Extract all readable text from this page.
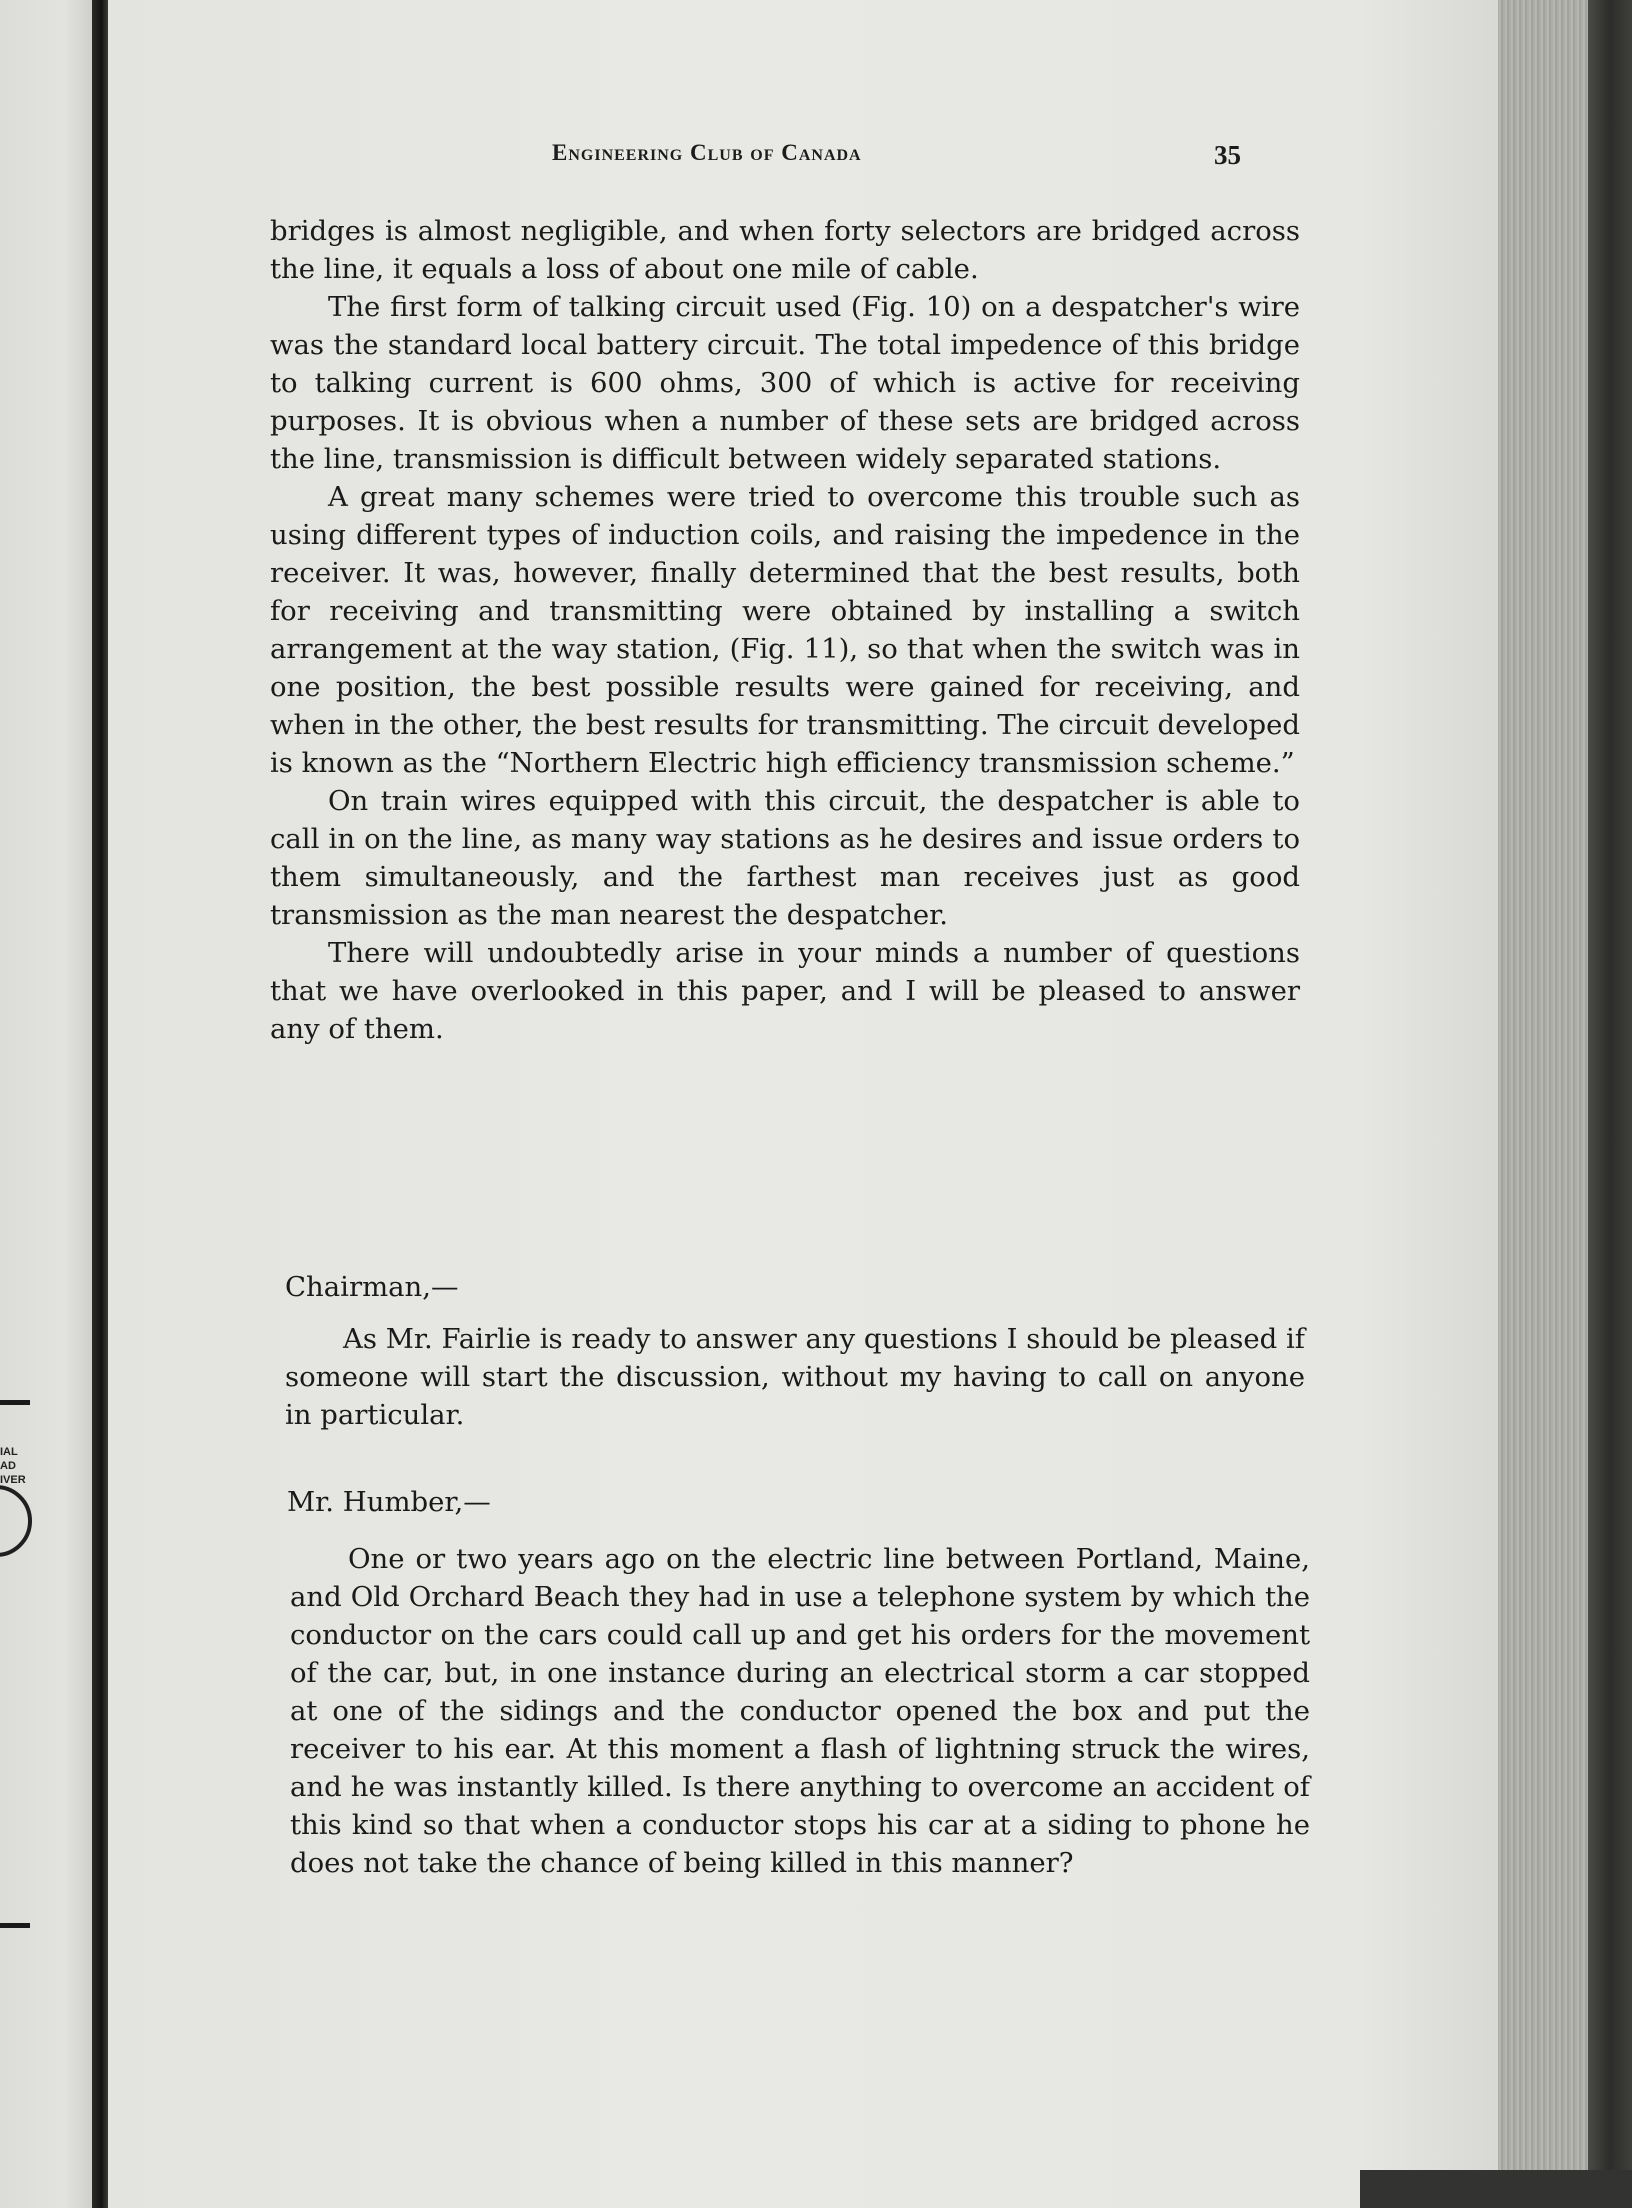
IAL
AD
IVER
Engineering Club of Canada	35

bridges is almost negligible, and when forty selectors are bridged across the line, it equals a loss of about one mile of cable.

The first form of talking circuit used (Fig. 10) on a despatcher's wire was the standard local battery circuit. The total impedence of this bridge to talking current is 600 ohms, 300 of which is active for receiving purposes. It is obvious when a number of these sets are bridged across the line, transmission is difficult between widely separated stations.

A great many schemes were tried to overcome this trouble such as using different types of induction coils, and raising the impedence in the receiver. It was, however, finally determined that the best results, both for receiving and transmitting were obtained by installing a switch arrangement at the way station, (Fig. 11), so that when the switch was in one position, the best possible results were gained for receiving, and when in the other, the best results for transmitting. The circuit developed is known as the “Northern Electric high efficiency transmission scheme.”

On train wires equipped with this circuit, the despatcher is able to call in on the line, as many way stations as he desires and issue orders to them simultaneously, and the farthest man receives just as good transmission as the man nearest the despatcher.

There will undoubtedly arise in your minds a number of questions that we have overlooked in this paper, and I will be pleased to answer any of them.

Chairman,—

As Mr. Fairlie is ready to answer any questions I should be pleased if someone will start the discussion, without my having to call on anyone in particular.

Mr. Humber,—

One or two years ago on the electric line between Portland, Maine, and Old Orchard Beach they had in use a telephone system by which the conductor on the cars could call up and get his orders for the movement of the car, but, in one instance during an electrical storm a car stopped at one of the sidings and the conductor opened the box and put the receiver to his ear. At this moment a flash of lightning struck the wires, and he was instantly killed. Is there anything to overcome an accident of this kind so that when a conductor stops his car at a siding to phone he does not take the chance of being killed in this manner?
